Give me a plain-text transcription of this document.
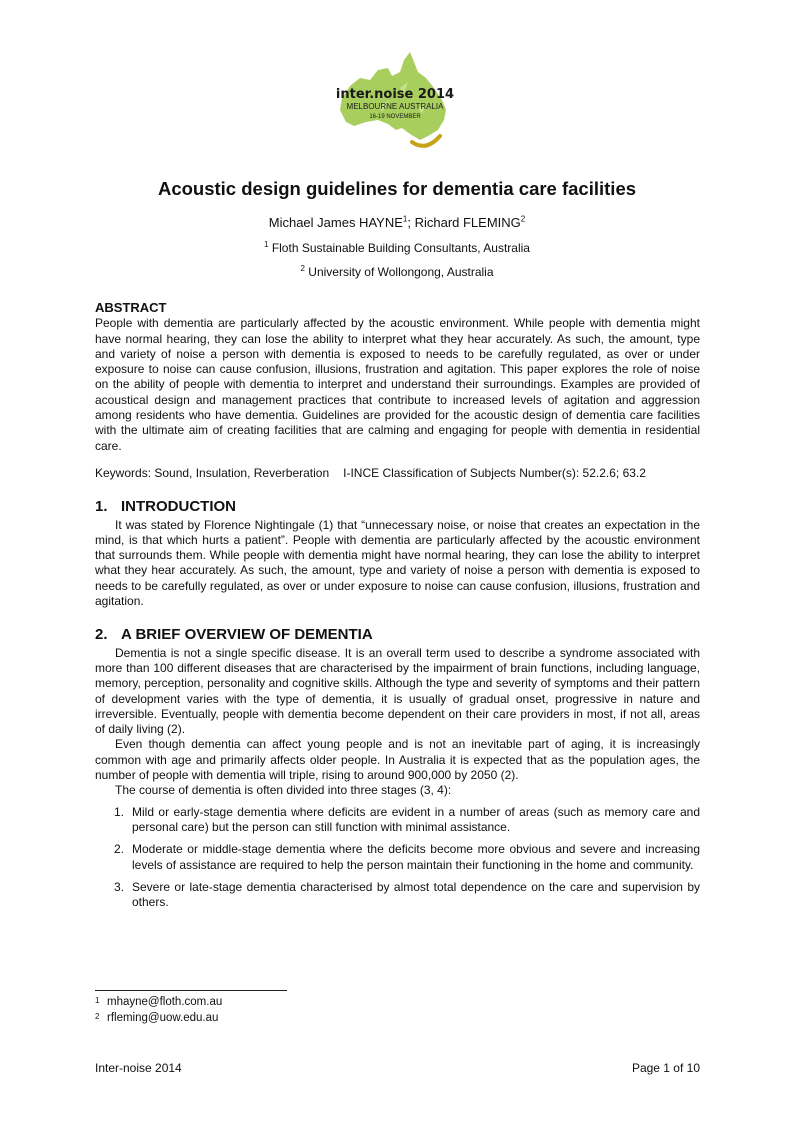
inter.noise 2014
MELBOURNE AUSTRALIA
16-19 NOVEMBER
Acoustic design guidelines for dementia care facilities
Michael James HAYNE$^1$; Richard FLEMING$^2$
$^1$ Floth Sustainable Building Consultants, Australia
$^2$ University of Wollongong, Australia
ABSTRACT

People with dementia are particularly affected by the acoustic environment. While people with dementia might have normal hearing, they can lose the ability to interpret what they hear accurately. As such, the amount, type and variety of noise a person with dementia is exposed to needs to be carefully regulated, as over or under exposure to noise can cause confusion, illusions, frustration and agitation. This paper explores the role of noise on the ability of people with dementia to interpret and understand their surroundings. Examples are provided of acoustical design and management practices that contribute to increased levels of agitation and aggression among residents who have dementia. Guidelines are provided for the acoustic design of dementia care facilities with the ultimate aim of creating facilities that are calming and engaging for people with dementia in residential care.

Keywords: Sound, Insulation, Reverberation I-INCE Classification of Subjects Number(s): 52.2.6; 63.2

1. INTRODUCTION

It was stated by Florence Nightingale (1) that “unnecessary noise, or noise that creates an expectation in the mind, is that which hurts a patient”. People with dementia are particularly affected by the acoustic environment that surrounds them. While people with dementia might have normal hearing, they can lose the ability to interpret what they hear accurately. As such, the amount, type and variety of noise a person with dementia is exposed to needs to be carefully regulated, as over or under exposure to noise can cause confusion, illusions, frustration and agitation.

2. A BRIEF OVERVIEW OF DEMENTIA

Dementia is not a single specific disease. It is an overall term used to describe a syndrome associated with more than 100 different diseases that are characterised by the impairment of brain functions, including language, memory, perception, personality and cognitive skills. Although the type and severity of symptoms and their pattern of development varies with the type of dementia, it is usually of gradual onset, progressive in nature and irreversible. Eventually, people with dementia become dependent on their care providers in most, if not all, areas of daily living (2).

Even though dementia can affect young people and is not an inevitable part of aging, it is increasingly common with age and primarily affects older people. In Australia it is expected that as the population ages, the number of people with dementia will triple, rising to around 900,000 by 2050 (2).

The course of dementia is often divided into three stages (3, 4):

1. Mild or early-stage dementia where deficits are evident in a number of areas (such as memory care and personal care) but the person can still function with minimal assistance.
2. Moderate or middle-stage dementia where the deficits become more obvious and severe and increasing levels of assistance are required to help the person maintain their functioning in the home and community.
3. Severe or late-stage dementia characterised by almost total dependence on the care and supervision by others.
1 mhayne@floth.com.au
2 rfleming@uow.edu.au
Inter-noise 2014	Page 1 of 10
